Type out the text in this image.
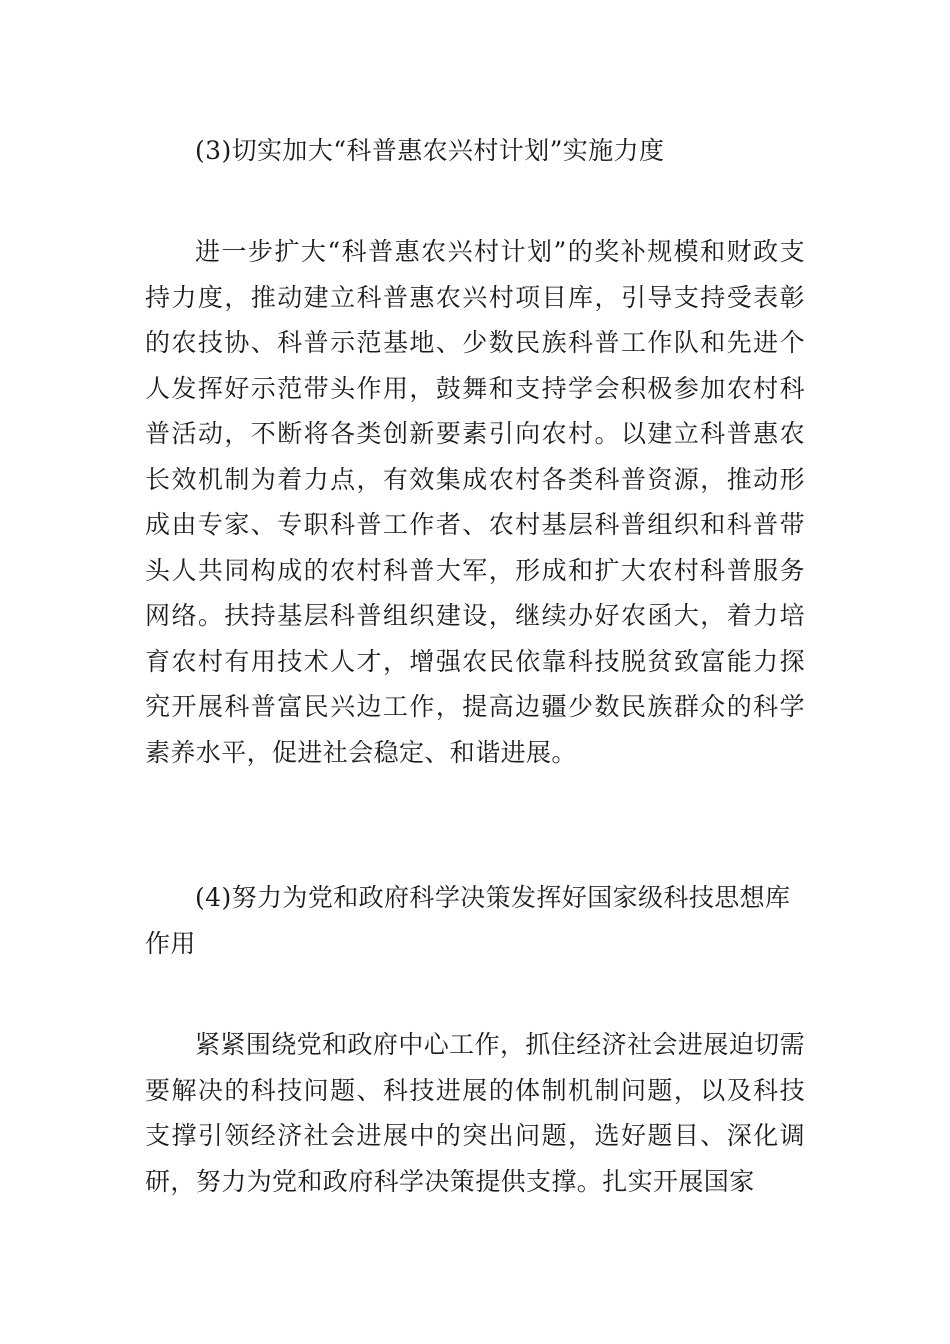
(3)切实加大“科普惠农兴村计划”实施力度

进一步扩大“科普惠农兴村计划”的奖补规模和财政支持力度，推动建立科普惠农兴村项目库，引导支持受表彰的农技协、科普示范基地、少数民族科普工作队和先进个人发挥好示范带头作用，鼓舞和支持学会积极参加农村科普活动，不断将各类创新要素引向农村。以建立科普惠农长效机制为着力点，有效集成农村各类科普资源，推动形成由专家、专职科普工作者、农村基层科普组织和科普带头人共同构成的农村科普大军，形成和扩大农村科普服务网络。扶持基层科普组织建设，继续办好农函大，着力培育农村有用技术人才，增强农民依靠科技脱贫致富能力探究开展科普富民兴边工作，提高边疆少数民族群众的科学素养水平，促进社会稳定、和谐进展。

(4)努力为党和政府科学决策发挥好国家级科技思想库作用

紧紧围绕党和政府中心工作，抓住经济社会进展迫切需要解决的科技问题、科技进展的体制机制问题，以及科技支撑引领经济社会进展中的突出问题，选好题目、深化调研，努力为党和政府科学决策提供支撑。扎实开展国家
